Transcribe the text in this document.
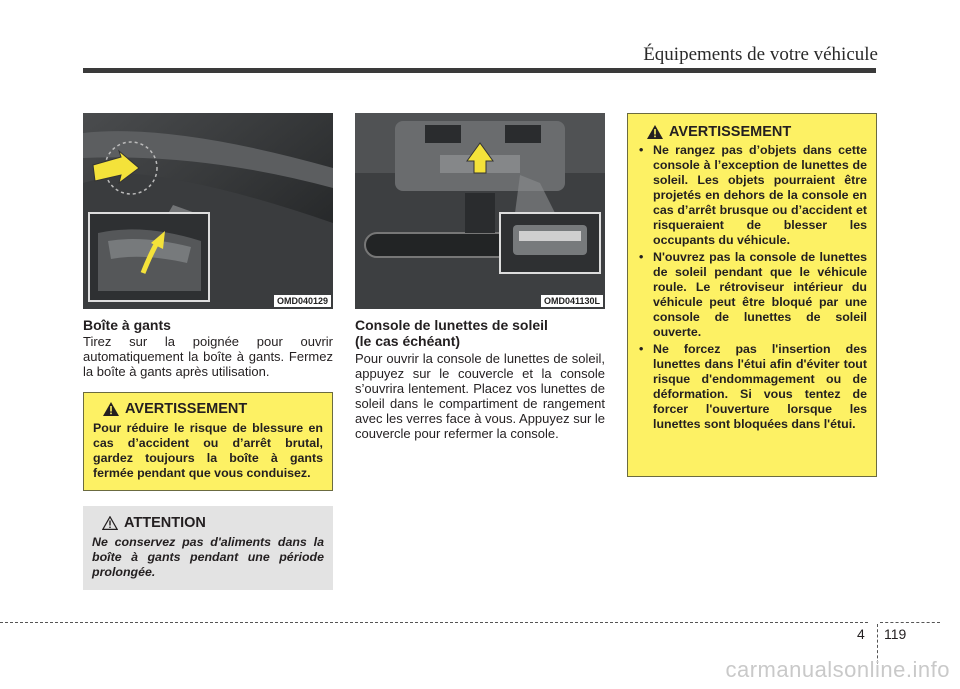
Équipements de votre véhicule
OMD040129	OMD041130L
Boîte à gants
Tirez sur la poignée pour ouvrir automatiquement la boîte à gants. Fermez la boîte à gants après utilisation.
AVERTISSEMENT
Pour réduire le risque de blessure en cas d’accident ou d’arrêt brutal, gardez toujours la boîte à gants fermée pendant que vous conduisez.
ATTENTION
Ne conservez pas d'aliments dans la boîte à gants pendant une période prolongée.
Console de lunettes de soleil
(le cas échéant)
Pour ouvrir la console de lunettes de soleil, appuyez sur le couvercle et la console s’ouvrira lentement. Placez vos lunettes de soleil dans le compartiment de rangement avec les verres face à vous. Appuyez sur le couvercle pour refermer la console.
AVERTISSEMENT
• Ne rangez pas d’objets dans cette console à l’exception de lunettes de soleil. Les objets pourraient être projetés en dehors de la console en cas d’arrêt brusque ou d’accident et risqueraient de blesser les occupants du véhicule.
• N'ouvrez pas la console de lunettes de soleil pendant que le véhicule roule. Le rétroviseur intérieur du véhicule peut être bloqué par une console de lunettes de soleil ouverte.
• Ne forcez pas l'insertion des lunettes dans l'étui afin d'éviter tout risque d'endommagement ou de déformation. Si vous tentez de forcer l'ouverture lorsque les lunettes sont bloquées dans l'étui.
4 119
carmanualsonline.info
